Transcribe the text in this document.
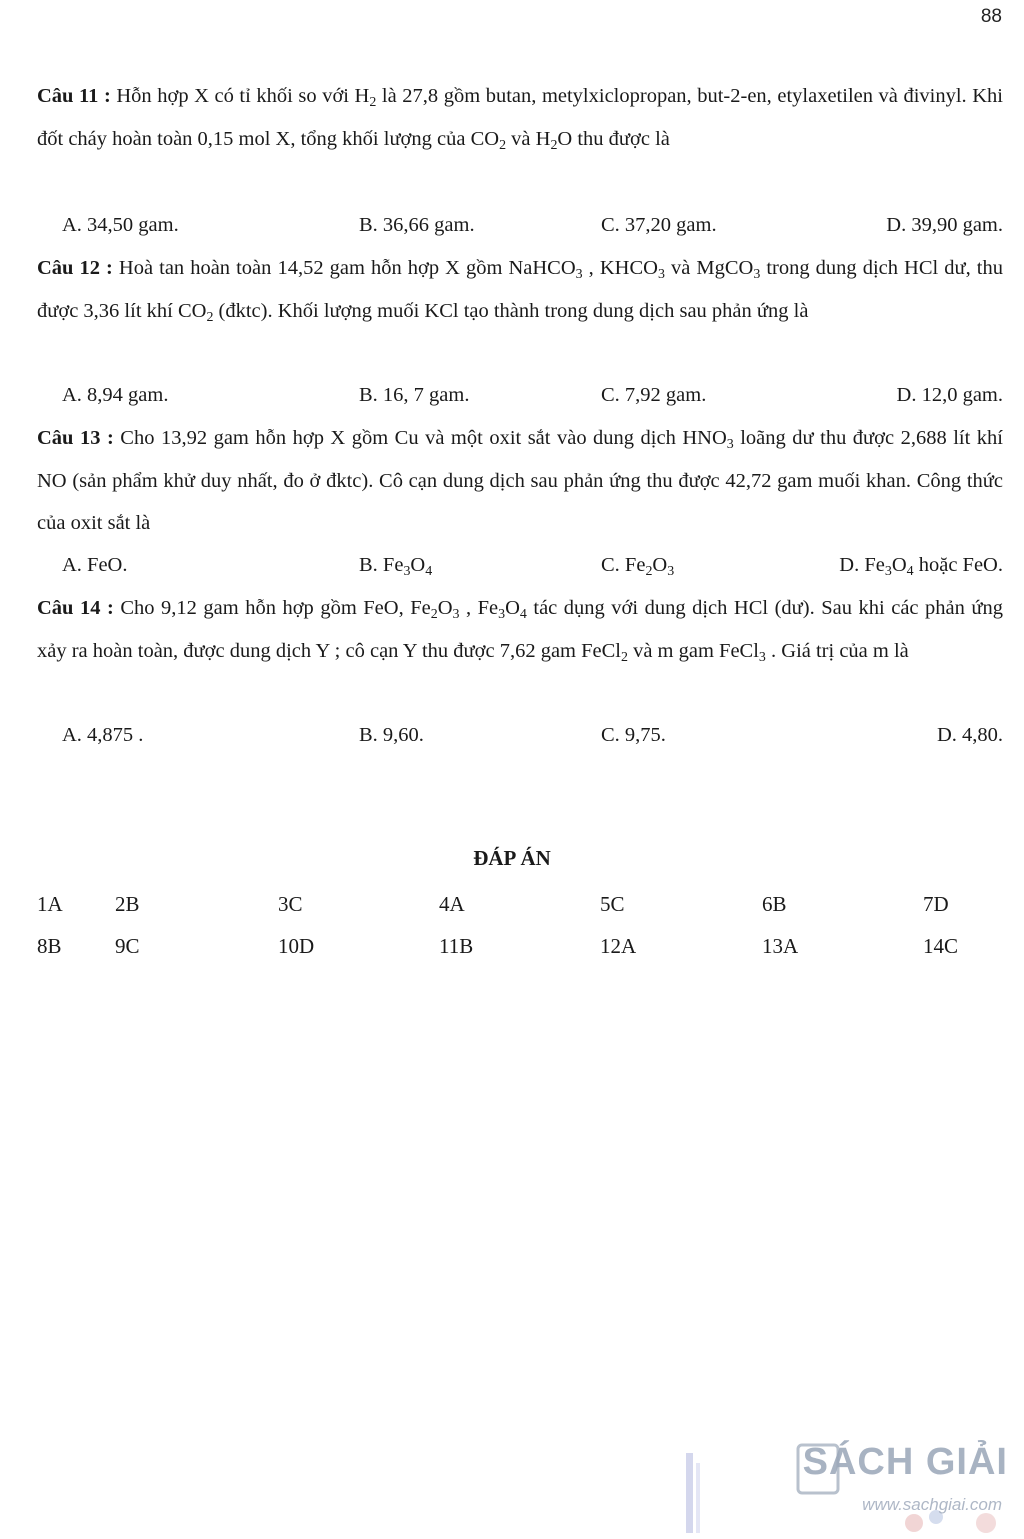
88
Câu 11 : Hỗn hợp X có tỉ khối so với $H_2$ là 27,8 gồm butan, metylxiclopropan, but-2-en, etylaxetilen và đivinyl. Khi đốt cháy hoàn toàn 0,15 mol X, tổng khối lượng của $CO_2$ và $H_2O$ thu được là
A. 34,50 gam.	B. 36,66 gam.	C. 37,20 gam.	D. 39,90 gam.
Câu 12 : Hoà tan hoàn toàn 14,52 gam hỗn hợp X gồm NaHCO$_3$ , $KHCO_3$ và MgCO$_3$ trong dung dịch HCl dư, thu được 3,36 lít khí $CO_2$ (đktc). Khối lượng muối KCl tạo thành trong dung dịch sau phản ứng là
A. 8,94 gam.	B. 16, 7 gam.	C. 7,92 gam.	D. 12,0 gam.
Câu 13 : Cho 13,92 gam hỗn hợp X gồm Cu và một oxit sắt vào dung dịch $HNO_3$ loãng dư thu được 2,688 lít khí NO (sản phẩm khử duy nhất, đo ở đktc). Cô cạn dung dịch sau phản ứng thu được 42,72 gam muối khan. Công thức của oxit sắt là
A. FeO.	B. $Fe_3O_4$	C. $Fe_2O_3$	D. $Fe_3O_4$ hoặc FeO.
Câu 14 : Cho 9,12 gam hỗn hợp gồm FeO, $Fe_2O_3$ , $Fe_3O_4$ tác dụng với dung dịch HCl (dư). Sau khi các phản ứng xảy ra hoàn toàn, được dung dịch Y ; cô cạn Y thu được 7,62 gam FeCl$_2$ và m gam FeCl$_3$ . Giá trị của m là
A. 4,875 .	B. 9,60.	C. 9,75.	D. 4,80.
ĐÁP ÁN
1A 2B	3C	4A	5C	6B	7D
8B	9C	10D	11B	12A	13A	14C
SÁCH GIẢI
www.sachgiai.com
